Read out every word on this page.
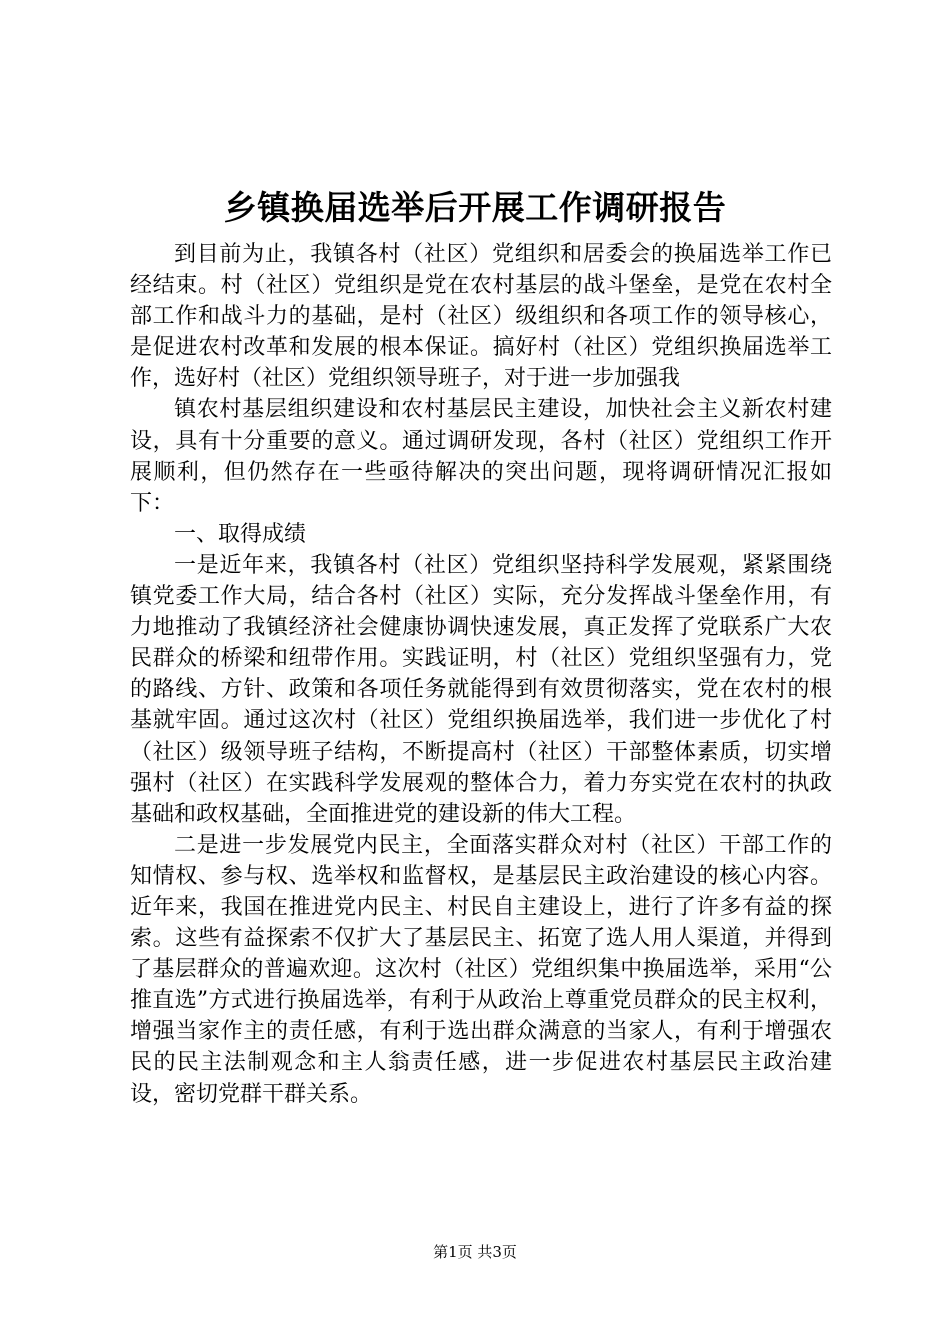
乡镇换届选举后开展工作调研报告

到目前为止，我镇各村（社区）党组织和居委会的换届选举工作已经结束。村（社区）党组织是党在农村基层的战斗堡垒，是党在农村全部工作和战斗力的基础，是村（社区）级组织和各项工作的领导核心，是促进农村改革和发展的根本保证。搞好村（社区）党组织换届选举工作，选好村（社区）党组织领导班子，对于进一步加强我

镇农村基层组织建设和农村基层民主建设，加快社会主义新农村建设，具有十分重要的意义。通过调研发现，各村（社区）党组织工作开展顺利，但仍然存在一些亟待解决的突出问题，现将调研情况汇报如下：

一、取得成绩

一是近年来，我镇各村（社区）党组织坚持科学发展观，紧紧围绕镇党委工作大局，结合各村（社区）实际，充分发挥战斗堡垒作用，有力地推动了我镇经济社会健康协调快速发展，真正发挥了党联系广大农民群众的桥梁和纽带作用。实践证明，村（社区）党组织坚强有力，党的路线、方针、政策和各项任务就能得到有效贯彻落实，党在农村的根基就牢固。通过这次村（社区）党组织换届选举，我们进一步优化了村（社区）级领导班子结构，不断提高村（社区）干部整体素质，切实增强村（社区）在实践科学发展观的整体合力，着力夯实党在农村的执政基础和政权基础，全面推进党的建设新的伟大工程。

二是进一步发展党内民主，全面落实群众对村（社区）干部工作的知情权、参与权、选举权和监督权，是基层民主政治建设的核心内容。近年来，我国在推进党内民主、村民自主建设上，进行了许多有益的探索。这些有益探索不仅扩大了基层民主、拓宽了选人用人渠道，并得到了基层群众的普遍欢迎。这次村（社区）党组织集中换届选举，采用“公推直选”方式进行换届选举，有利于从政治上尊重党员群众的民主权利，增强当家作主的责任感，有利于选出群众满意的当家人，有利于增强农民的民主法制观念和主人翁责任感，进一步促进农村基层民主政治建设，密切党群干群关系。

第1页 共3页
